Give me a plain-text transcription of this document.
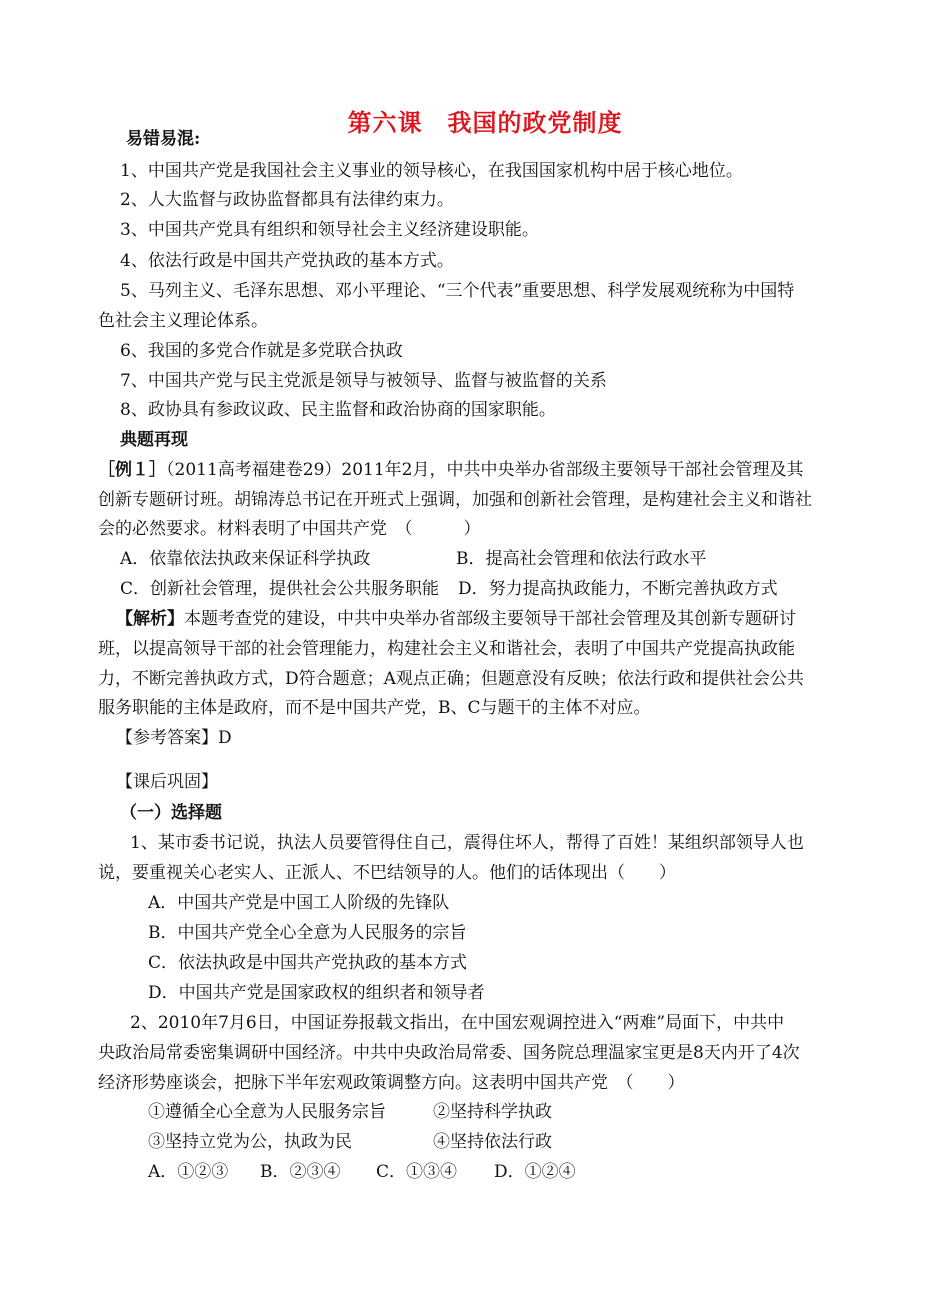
第六课　我国的政党制度
易错易混:
1、中国共产党是我国社会主义事业的领导核心，在我国国家机构中居于核心地位。
2、人大监督与政协监督都具有法律约束力。
3、中国共产党具有组织和领导社会主义经济建设职能。
4、依法行政是中国共产党执政的基本方式。
5、马列主义、毛泽东思想、邓小平理论、“三个代表”重要思想、科学发展观统称为中国特
色社会主义理论体系。
6、我国的多党合作就是多党联合执政
7、中国共产党与民主党派是领导与被领导、监督与被监督的关系
8、政协具有参政议政、民主监督和政治协商的国家职能。
典题再现
［例１］（2011高考福建卷29）2011年2月，中共中央举办省部级主要领导干部社会管理及其
创新专题研讨班。胡锦涛总书记在开班式上强调，加强和创新社会管理，是构建社会主义和谐社
会的必然要求。材料表明了中国共产党　（　　　）
A．依靠依法执政来保证科学执政	B．提高社会管理和依法行政水平
C．创新社会管理，提供社会公共服务职能 D．努力提高执政能力，不断完善执政方式
【解析】本题考查党的建设，中共中央举办省部级主要领导干部社会管理及其创新专题研讨
班，以提高领导干部的社会管理能力，构建社会主义和谐社会，表明了中国共产党提高执政能
力，不断完善执政方式，D符合题意；A观点正确；但题意没有反映；依法行政和提供社会公共
服务职能的主体是政府，而不是中国共产党，B、C与题干的主体不对应。
【参考答案】D
【课后巩固】
（一）选择题
1、某市委书记说，执法人员要管得住自己，震得住坏人，帮得了百姓！某组织部领导人也
说，要重视关心老实人、正派人、不巴结领导的人。他们的话体现出（　　）
A．中国共产党是中国工人阶级的先锋队
B．中国共产党全心全意为人民服务的宗旨
C．依法执政是中国共产党执政的基本方式
D．中国共产党是国家政权的组织者和领导者
2、2010年7月6日，中国证券报载文指出，在中国宏观调控进入“两难”局面下，中共中
央政治局常委密集调研中国经济。中共中央政治局常委、国务院总理温家宝更是8天内开了4次
经济形势座谈会，把脉下半年宏观政策调整方向。这表明中国共产党　（　　）
①遵循全心全意为人民服务宗旨	②坚持科学执政
③坚持立党为公，执政为民	④坚持依法行政
A．①②③ B．②③④ C．①③④ D．①②④
